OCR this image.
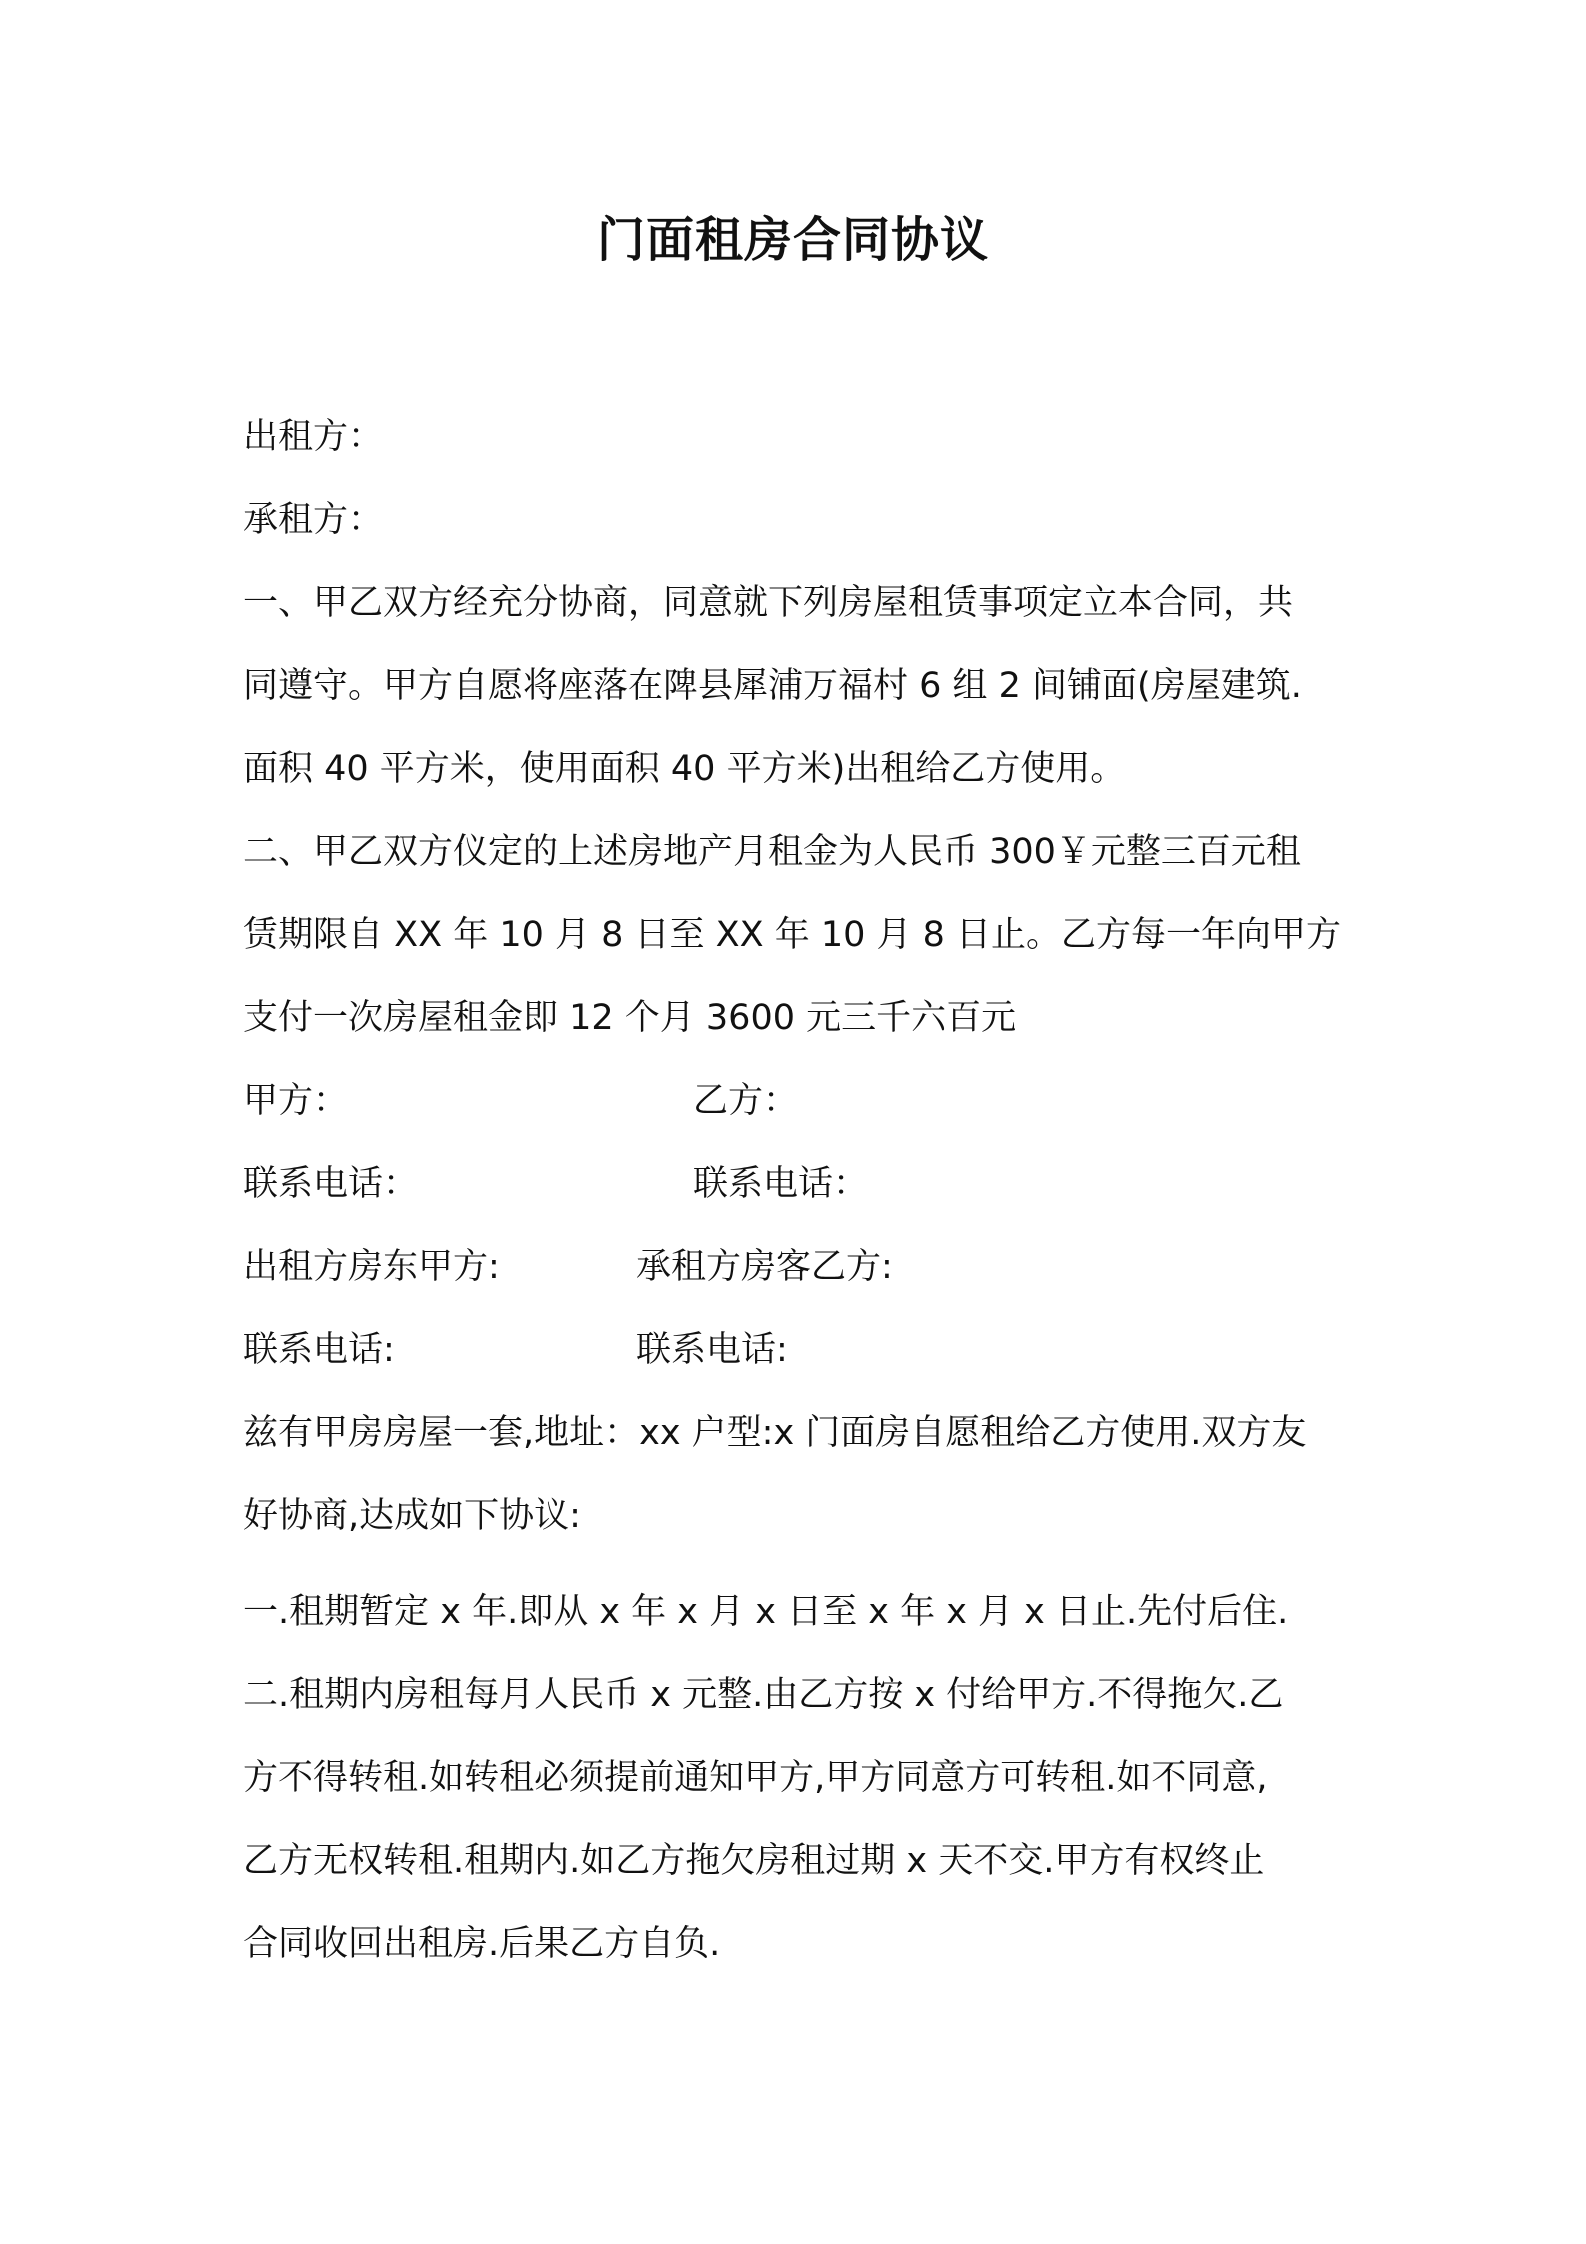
门面租房合同协议

出租方：

承租方：

一、甲乙双方经充分协商，同意就下列房屋租赁事项定立本合同，共

同遵守。甲方自愿将座落在陴县犀浦万福村 6 组 2 间铺面(房屋建筑.

面积 40 平方米，使用面积 40 平方米)出租给乙方使用。

二、甲乙双方仪定的上述房地产月租金为人民币 300￥元整三百元租

赁期限自 XX 年 10 月 8 日至 XX 年 10 月 8 日止。乙方每一年向甲方

支付一次房屋租金即 12 个月 3600 元三千六百元

甲方：	乙方：
联系电话：	联系电话：
出租方房东甲方:	承租方房客乙方:
联系电话:	联系电话:

兹有甲房房屋一套,地址：xx 户型:x 门面房自愿租给乙方使用.双方友

好协商,达成如下协议:

一.租期暂定 x 年.即从 x 年 x 月 x 日至 x 年 x 月 x 日止.先付后住.

二.租期内房租每月人民币 x 元整.由乙方按 x 付给甲方.不得拖欠.乙

方不得转租.如转租必须提前通知甲方,甲方同意方可转租.如不同意,

乙方无权转租.租期内.如乙方拖欠房租过期 x 天不交.甲方有权终止

合同收回出租房.后果乙方自负.
